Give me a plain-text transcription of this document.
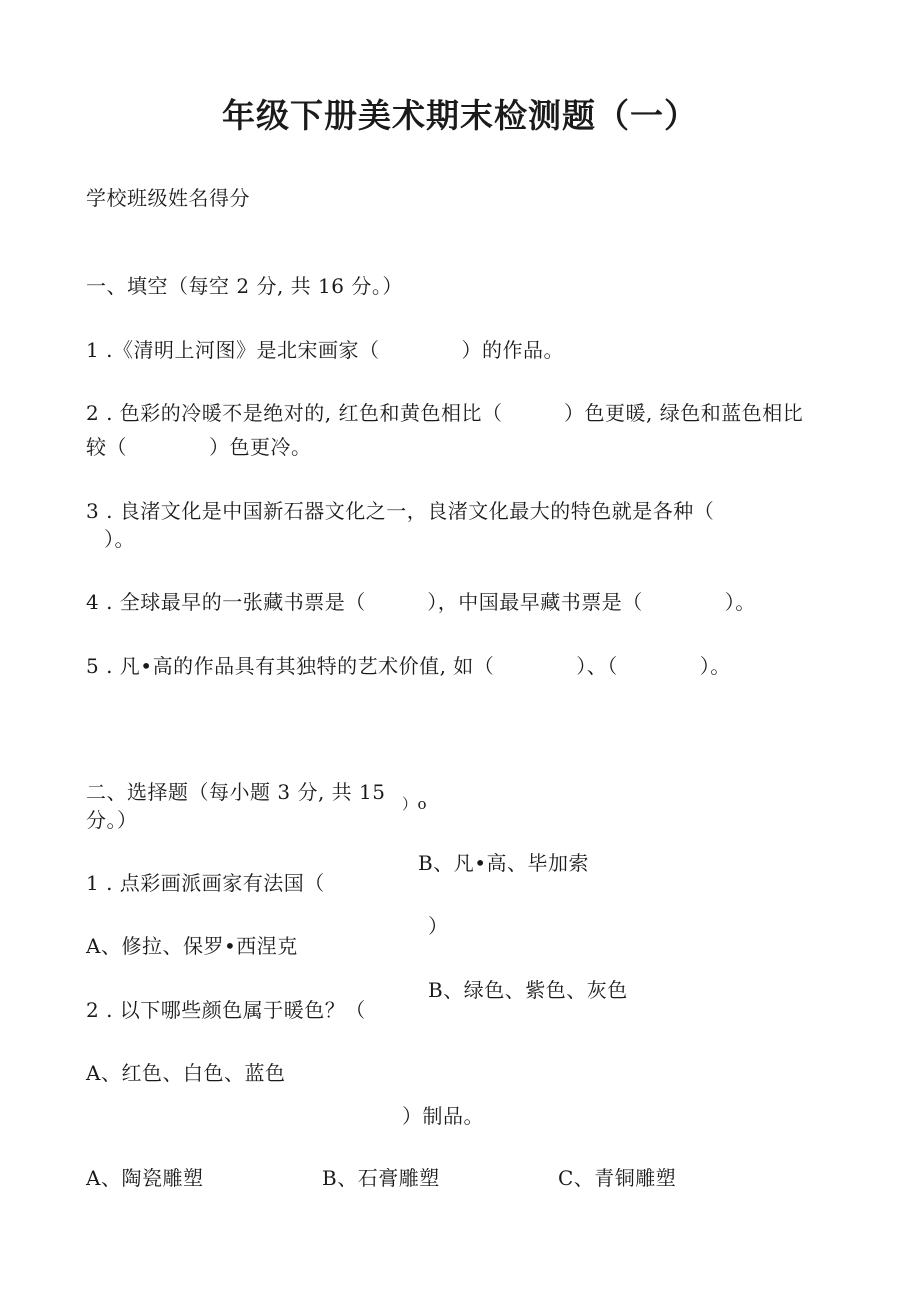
年级下册美术期末检测题（一）
学校班级姓名得分
一、填空（每空 2 分, 共 16 分。）
1 .《清明上河图》是北宋画家（　　　　）的作品。
2 . 色彩的冷暖不是绝对的, 红色和黄色相比（　　　）色更暖, 绿色和蓝色相比
较（　　　　）色更冷。
3 . 良渚文化是中国新石器文化之一，良渚文化最大的特色就是各种（
）。
4 . 全球最早的一张藏书票是（　　　），中国最早藏书票是（　　　　）。
5 . 凡•高的作品具有其独特的艺术价值, 如（　　　　）、（　　　　）。
二、选择题（每小题 3 分, 共 15 ）o
分。）
B、凡•高、毕加索
1 . 点彩画派画家有法国（
）
A、修拉、保罗•西涅克
B、绿色、紫色、灰色
2 . 以下哪些颜色属于暖色？（
A、红色、白色、蓝色
）制品。
A、陶瓷雕塑	B、石膏雕塑	C、青铜雕塑
